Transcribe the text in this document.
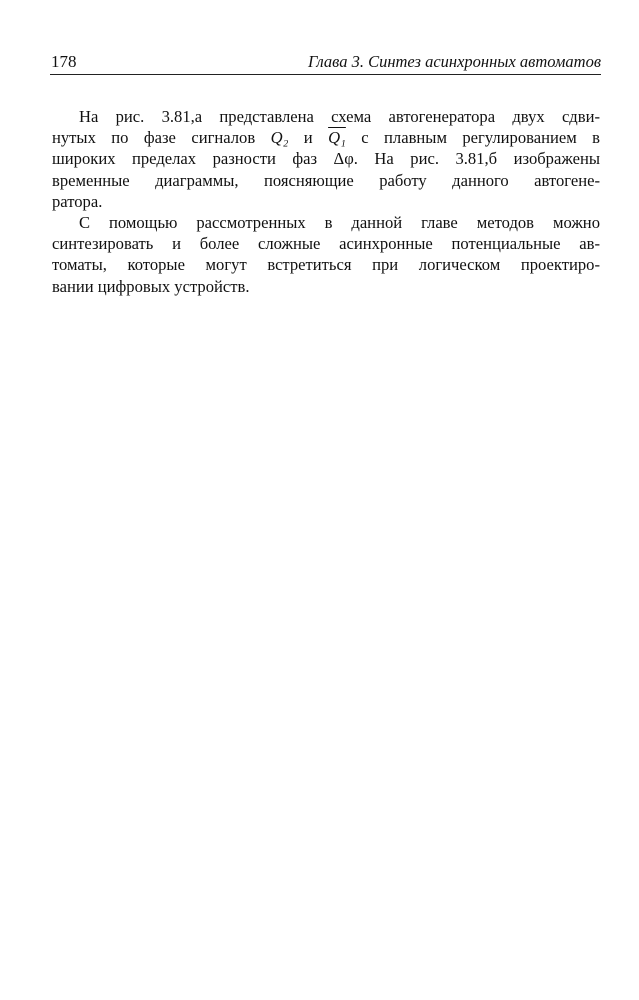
178	Глава 3. Синтез асинхронных автоматов

На рис. 3.81,а представлена схема автогенератора двух сдви-
нутых по фазе сигналов Q₂ и Q₁ с плавным регулированием в
широких пределах разности фаз Δφ. На рис. 3.81,б изображены
временные диаграммы, поясняющие работу данного автогене-
ратора.

С помощью рассмотренных в данной главе методов можно
синтезировать и более сложные асинхронные потенциальные ав-
томаты, которые могут встретиться при логическом проектиро-
вании цифровых устройств.
